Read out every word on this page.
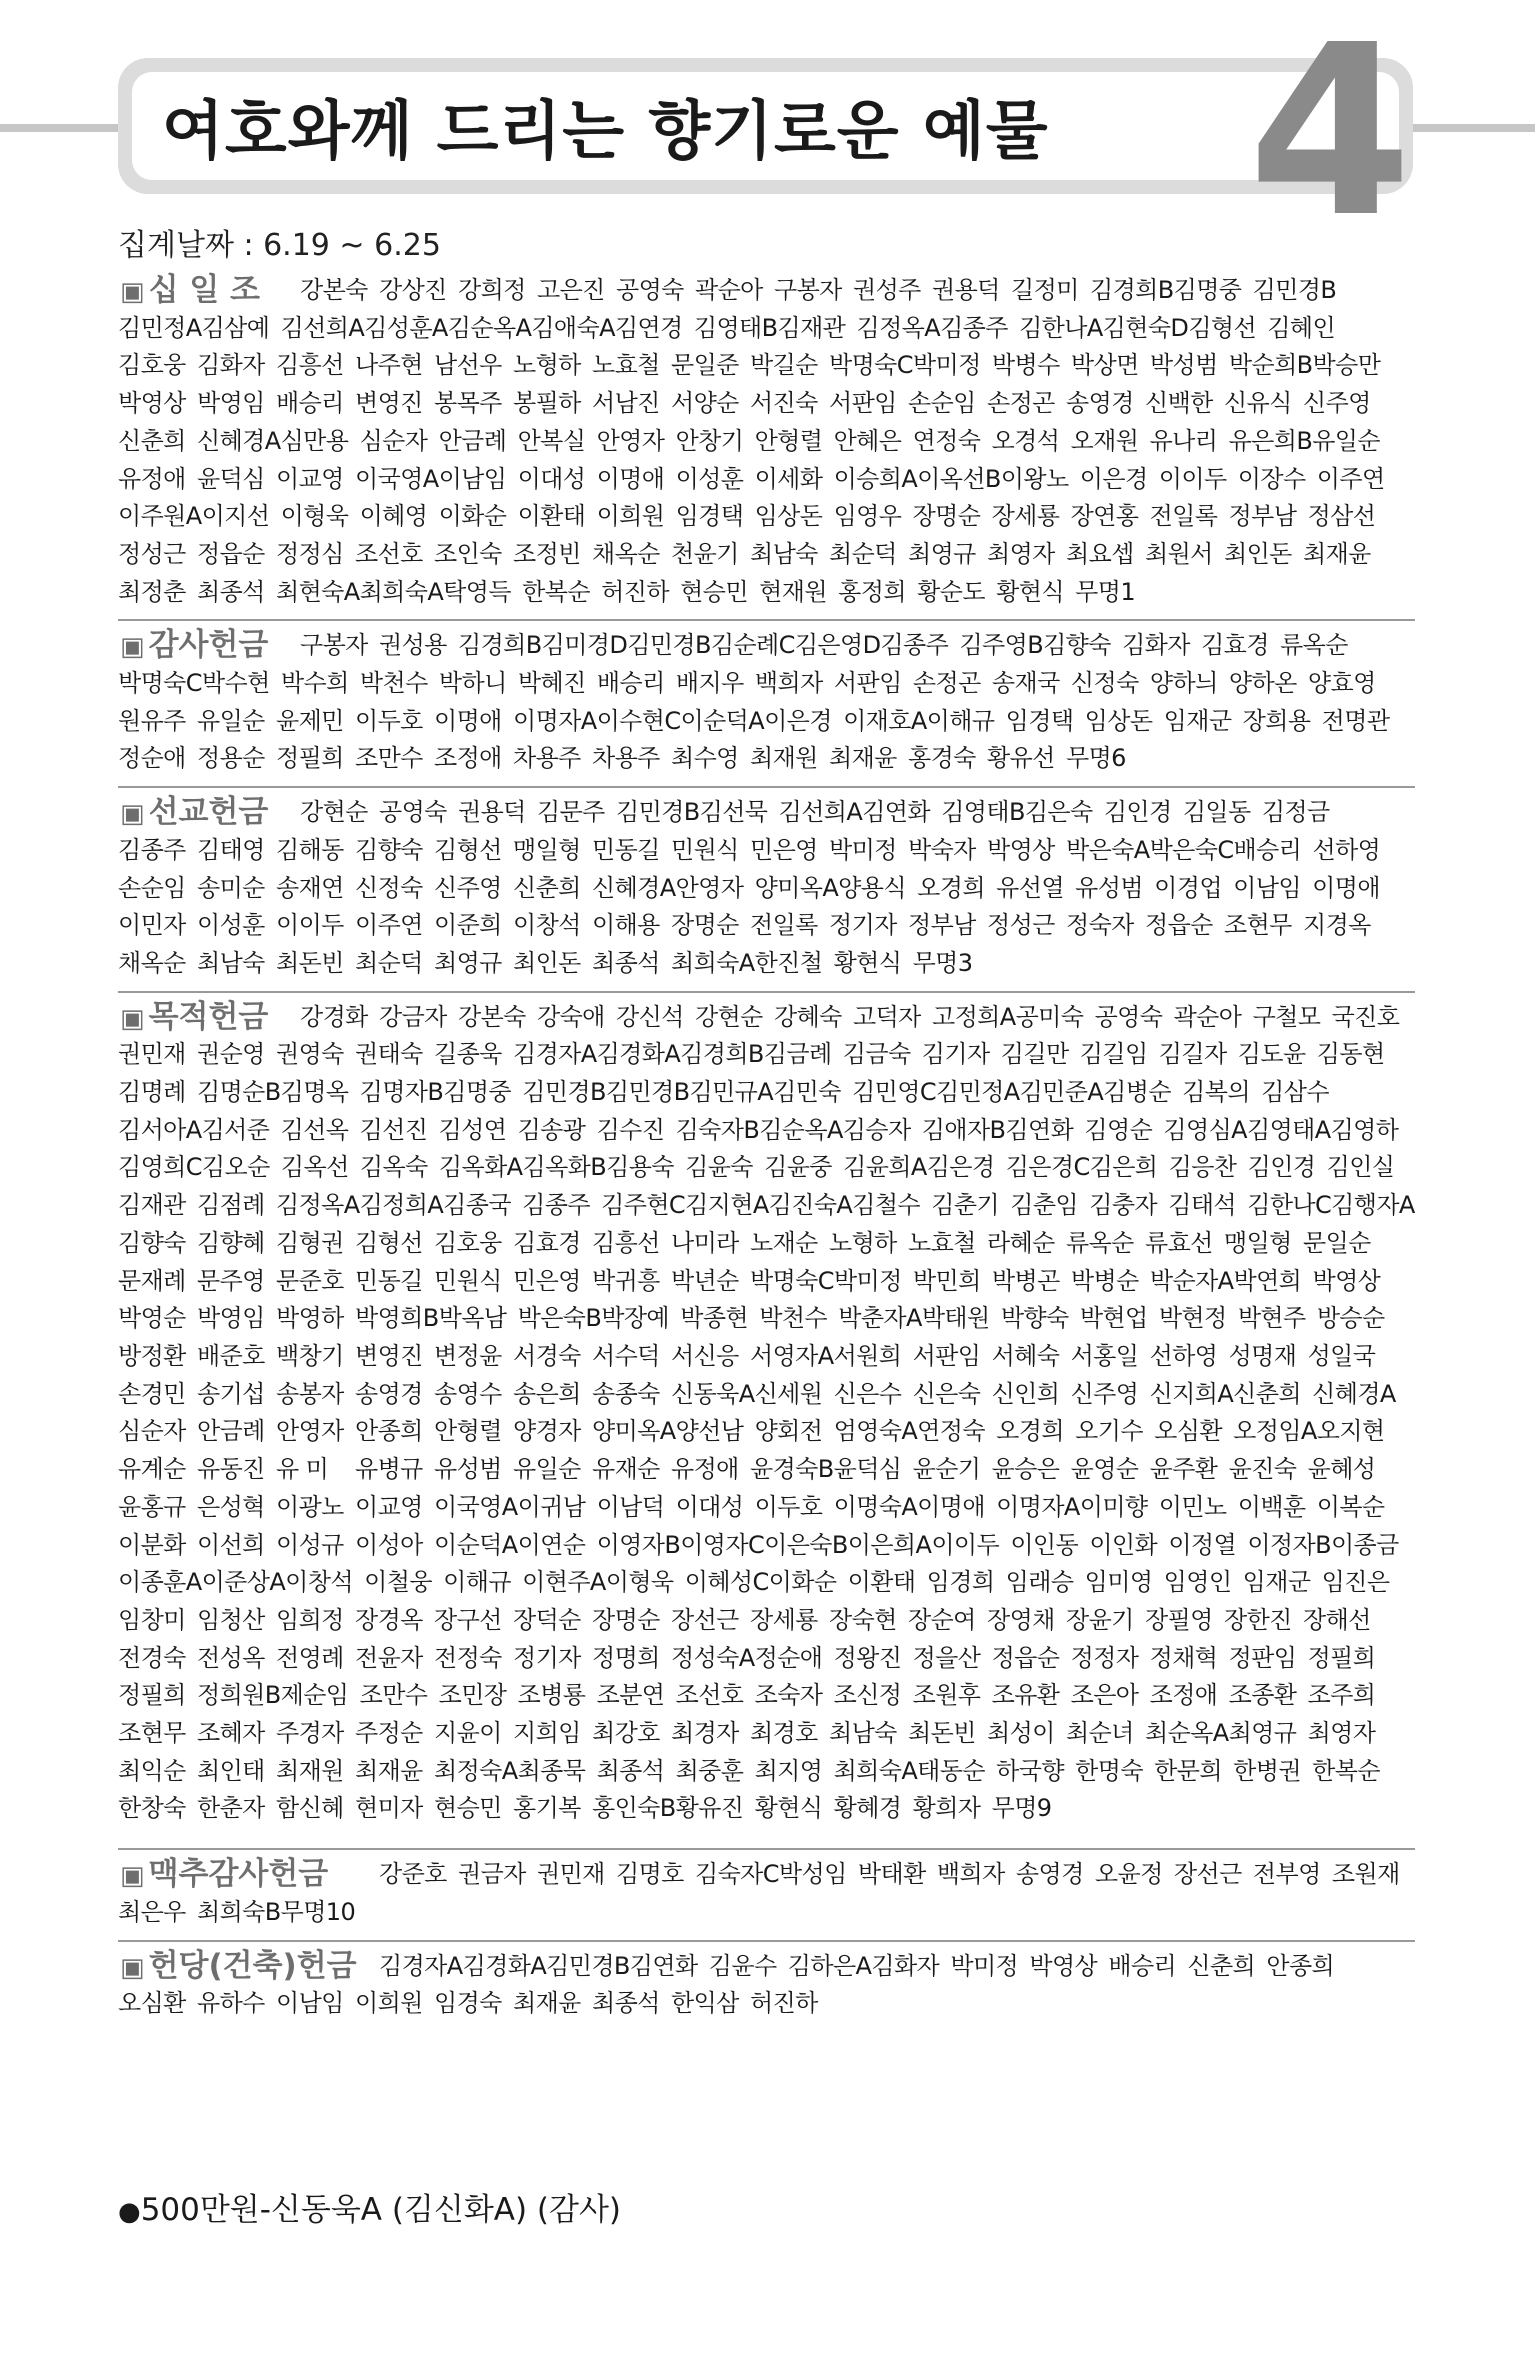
여호와께 드리는 향기로운 예물 4
집계날짜 : 6.19 ~ 6.25
▣ 십 일 조	강본숙 강상진 강희정 고은진 공영숙 곽순아 구봉자 권성주 권용덕 길정미 김경희B김명중 김민경B김민정A김삼예 김선희A김성훈A김순옥A김애숙A김연경 김영태B김재관 김정옥A김종주 김한나A김현숙D김형선 김혜인김호웅 김화자 김흥선 나주현 남선우 노형하 노효철 문일준 박길순 박명숙C박미정 박병수 박상면 박성범 박순희B박승만박영상 박영임 배승리 변영진 봉목주 봉필하 서남진 서양순 서진숙 서판임 손순임 손정곤 송영경 신백한 신유식 신주영신춘희 신혜경A심만용 심순자 안금례 안복실 안영자 안창기 안형렬 안혜은 연정숙 오경석 오재원 유나리 유은희B유일순유정애 윤덕심 이교영 이국영A이남임 이대성 이명애 이성훈 이세화 이승희A이옥선B이왕노 이은경 이이두 이장수 이주연이주원A이지선 이형욱 이혜영 이화순 이환태 이희원 임경택 임상돈 임영우 장명순 장세룡 장연홍 전일록 정부남 정삼선정성근 정읍순 정정심 조선호 조인숙 조정빈 채옥순 천윤기 최남숙 최순덕 최영규 최영자 최요셉 최원서 최인돈 최재윤최정춘 최종석 최현숙A최희숙A탁영득 한복순 허진하 현승민 현재원 홍정희 황순도 황현식 무명1
▣ 감사헌금	구봉자 권성용 김경희B김미경D김민경B김순례C김은영D김종주 김주영B김향숙 김화자 김효경 류옥순박명숙C박수현 박수희 박천수 박하니 박혜진 배승리 배지우 백희자 서판임 손정곤 송재국 신정숙 양하늬 양하온 양효영원유주 유일순 윤제민 이두호 이명애 이명자A이수현C이순덕A이은경 이재호A이해규 임경택 임상돈 임재군 장희용 전명관정순애 정용순 정필희 조만수 조정애 차용주 차용주 최수영 최재원 최재윤 홍경숙 황유선 무명6
▣ 선교헌금	강현순 공영숙 권용덕 김문주 김민경B김선묵 김선희A김연화 김영태B김은숙 김인경 김일동 김정금김종주 김태영 김해동 김향숙 김형선 맹일형 민동길 민원식 민은영 박미정 박숙자 박영상 박은숙A박은숙C배승리 선하영손순임 송미순 송재연 신정숙 신주영 신춘희 신혜경A안영자 양미옥A양용식 오경희 유선열 유성범 이경업 이남임 이명애이민자 이성훈 이이두 이주연 이준희 이창석 이해용 장명순 전일록 정기자 정부남 정성근 정숙자 정읍순 조현무 지경옥채옥순 최남숙 최돈빈 최순덕 최영규 최인돈 최종석 최희숙A한진철 황현식 무명3
▣ 목적헌금	강경화 강금자 강본숙 강숙애 강신석 강현순 강혜숙 고덕자 고정희A공미숙 공영숙 곽순아 구철모 국진호권민재 권순영 권영숙 권태숙 길종욱 김경자A김경화A김경희B김금례 김금숙 김기자 김길만 김길임 김길자 김도윤 김동현김명례 김명순B김명옥 김명자B김명중 김민경B김민경B김민규A김민숙 김민영C김민정A김민준A김병순 김복의 김삼수김서아A김서준 김선옥 김선진 김성연 김송광 김수진 김숙자B김순옥A김승자 김애자B김연화 김영순 김영심A김영태A김영하김영희C김오순 김옥선 김옥숙 김옥화A김옥화B김용숙 김윤숙 김윤중 김윤희A김은경 김은경C김은희 김응찬 김인경 김인실김재관 김점례 김정옥A김정희A김종국 김종주 김주현C김지현A김진숙A김철수 김춘기 김춘임 김충자 김태석 김한나C김행자A김향숙 김향혜 김형권 김형선 김호웅 김효경 김흥선 나미라 노재순 노형하 노효철 라혜순 류옥순 류효선 맹일형 문일순문재례 문주영 문준호 민동길 민원식 민은영 박귀흥 박년순 박명숙C박미정 박민희 박병곤 박병순 박순자A박연희 박영상박영순 박영임 박영하 박영희B박옥남 박은숙B박장예 박종현 박천수 박춘자A박태원 박향숙 박현업 박현정 박현주 방승순방정환 배준호 백창기 변영진 변정윤 서경숙 서수덕 서신응 서영자A서원희 서판임 서혜숙 서홍일 선하영 성명재 성일국손경민 송기섭 송봉자 송영경 송영수 송은희 송종숙 신동욱A신세원 신은수 신은숙 신인희 신주영 신지희A신춘희 신혜경A심순자 안금례 안영자 안종희 안형렬 양경자 양미옥A양선남 양회전 엄영숙A연정숙 오경희 오기수 오심환 오정임A오지현유계순 유동진 유 미 유병규 유성범 유일순 유재순 유정애 윤경숙B윤덕심 윤순기 윤승은 윤영순 윤주환 윤진숙 윤혜성윤홍규 은성혁 이광노 이교영 이국영A이귀남 이남덕 이대성 이두호 이명숙A이명애 이명자A이미향 이민노 이백훈 이복순이분화 이선희 이성규 이성아 이순덕A이연순 이영자B이영자C이은숙B이은희A이이두 이인동 이인화 이정열 이정자B이종금이종훈A이준상A이창석 이철웅 이해규 이현주A이형욱 이혜성C이화순 이환태 임경희 임래승 임미영 임영인 임재군 임진은임창미 임청산 임희정 장경옥 장구선 장덕순 장명순 장선근 장세룡 장숙현 장순여 장영채 장윤기 장필영 장한진 장해선전경숙 전성옥 전영례 전윤자 전정숙 정기자 정명희 정성숙A정순애 정왕진 정을산 정읍순 정정자 정채혁 정판임 정필희정필희 정희원B제순임 조만수 조민장 조병룡 조분연 조선호 조숙자 조신정 조원후 조유환 조은아 조정애 조종환 조주희조현무 조혜자 주경자 주정순 지윤이 지희임 최강호 최경자 최경호 최남숙 최돈빈 최성이 최순녀 최순옥A최영규 최영자최익순 최인태 최재원 최재윤 최정숙A최종묵 최종석 최중훈 최지영 최희숙A태동순 하국향 한명숙 한문희 한병권 한복순한창숙 한춘자 함신혜 현미자 현승민 홍기복 홍인숙B황유진 황현식 황혜경 황희자 무명9
▣ 맥추감사헌금	강준호 권금자 권민재 김명호 김숙자C박성임 박태환 백희자 송영경 오윤정 장선근 전부영 조원재최은우 최희숙B무명10
▣ 헌당(건축)헌금 김경자A김경화A김민경B김연화 김윤수 김하은A김화자 박미정 박영상 배승리 신춘희 안종희오심환 유하수 이남임 이희원 임경숙 최재윤 최종석 한익삼 허진하
●500만원-신동욱A (김신화A) (감사)
